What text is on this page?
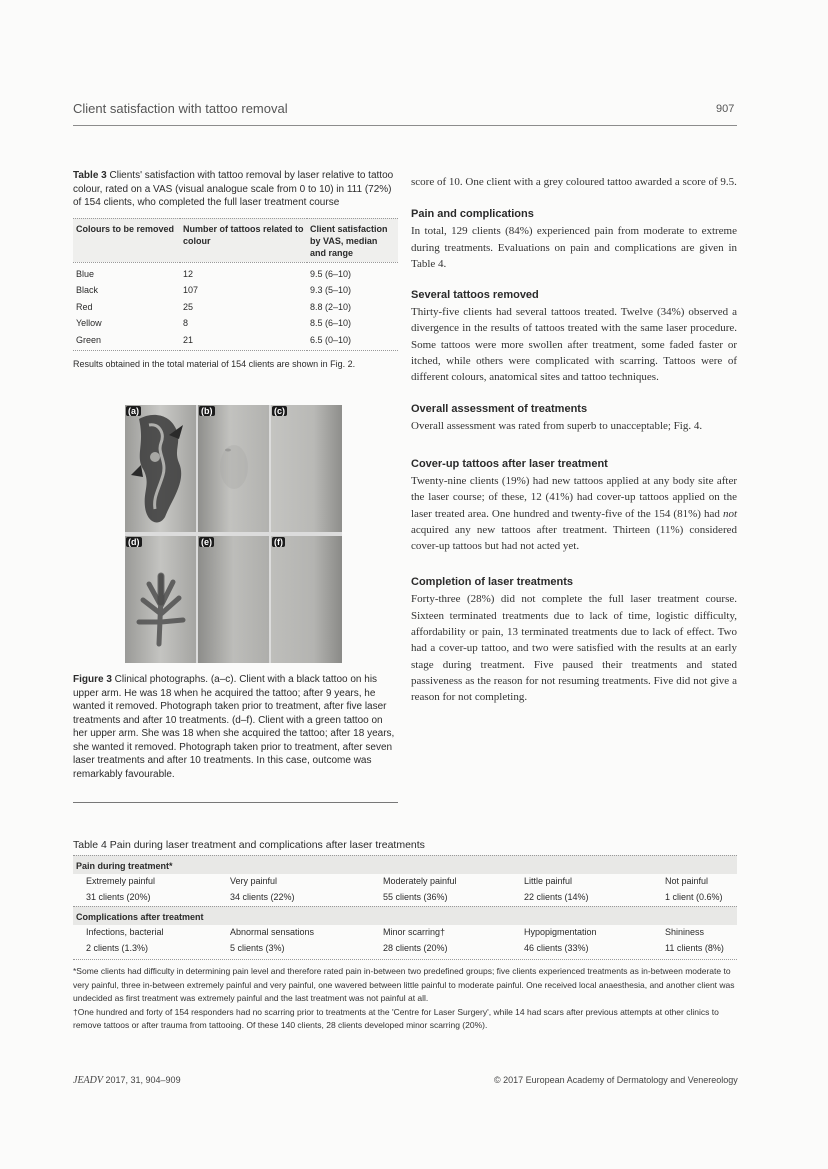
Client satisfaction with tattoo removal	907
Table 3 Clients' satisfaction with tattoo removal by laser relative to tattoo colour, rated on a VAS (visual analogue scale from 0 to 10) in 111 (72%) of 154 clients, who completed the full laser treatment course
Colours to be removed	Number of tattoos related to colour	Client satisfaction by VAS, median and range
Blue	12	9.5 (6–10)
Black	107	9.3 (5–10)
Red	25	8.8 (2–10)
Yellow	8	8.5 (6–10)
Green	21	6.5 (0–10)
Results obtained in the total material of 154 clients are shown in Fig. 2.
(a)	(b)	(c)
(d)	(e)	(f)
Figure 3 Clinical photographs. (a–c). Client with a black tattoo on his upper arm. He was 18 when he acquired the tattoo; after 9 years, he wanted it removed. Photograph taken prior to treatment, after five laser treatments and after 10 treatments. (d–f). Client with a green tattoo on her upper arm. She was 18 when she acquired the tattoo; after 18 years, she wanted it removed. Photograph taken prior to treatment, after seven laser treatments and after 10 treatments. In this case, outcome was remarkably favourable.
score of 10. One client with a grey coloured tattoo awarded a score of 9.5.
Pain and complications
In total, 129 clients (84%) experienced pain from moderate to extreme during treatments. Evaluations on pain and complications are given in Table 4.
Several tattoos removed
Thirty-five clients had several tattoos treated. Twelve (34%) observed a divergence in the results of tattoos treated with the same laser procedure. Some tattoos were more swollen after treatment, some faded faster or itched, while others were complicated with scarring. Tattoos were of different colours, anatomical sites and tattoo techniques.
Overall assessment of treatments
Overall assessment was rated from superb to unacceptable; Fig. 4.
Cover-up tattoos after laser treatment
Twenty-nine clients (19%) had new tattoos applied at any body site after the laser course; of these, 12 (41%) had cover-up tattoos applied on the laser treated area. One hundred and twenty-five of the 154 (81%) had not acquired any new tattoos after treatment. Thirteen (11%) considered cover-up tattoos but had not acted yet.
Completion of laser treatments
Forty-three (28%) did not complete the full laser treatment course. Sixteen terminated treatments due to lack of time, logistic difficulty, affordability or pain, 13 terminated treatments due to lack of effect. Two had a cover-up tattoo, and two were satisfied with the results at an early stage during treatment. Five paused their treatments and stated passiveness as the reason for not resuming treatments. Five did not give a reason for not completing.
Table 4 Pain during laser treatment and complications after laser treatments
Pain during treatment*
Extremely painful	Very painful	Moderately painful	Little painful	Not painful
31 clients (20%)	34 clients (22%)	55 clients (36%)	22 clients (14%)	1 client (0.6%)
Complications after treatment
Infections, bacterial	Abnormal sensations	Minor scarring†	Hypopigmentation	Shininess
2 clients (1.3%)	5 clients (3%)	28 clients (20%)	46 clients (33%)	11 clients (8%)
*Some clients had difficulty in determining pain level and therefore rated pain in-between two predefined groups; five clients experienced treatments as in-between moderate to very painful, three in-between extremely painful and very painful, one wavered between little painful to moderate painful. One received local anaesthesia, and another client was undecided as first treatment was extremely painful and the last treatment was not painful at all.
†One hundred and forty of 154 responders had no scarring prior to treatments at the 'Centre for Laser Surgery', while 14 had scars after previous attempts at other clinics to remove tattoos or after trauma from tattooing. Of these 140 clients, 28 clients developed minor scarring (20%).
JEADV 2017, 31, 904–909	© 2017 European Academy of Dermatology and Venereology
